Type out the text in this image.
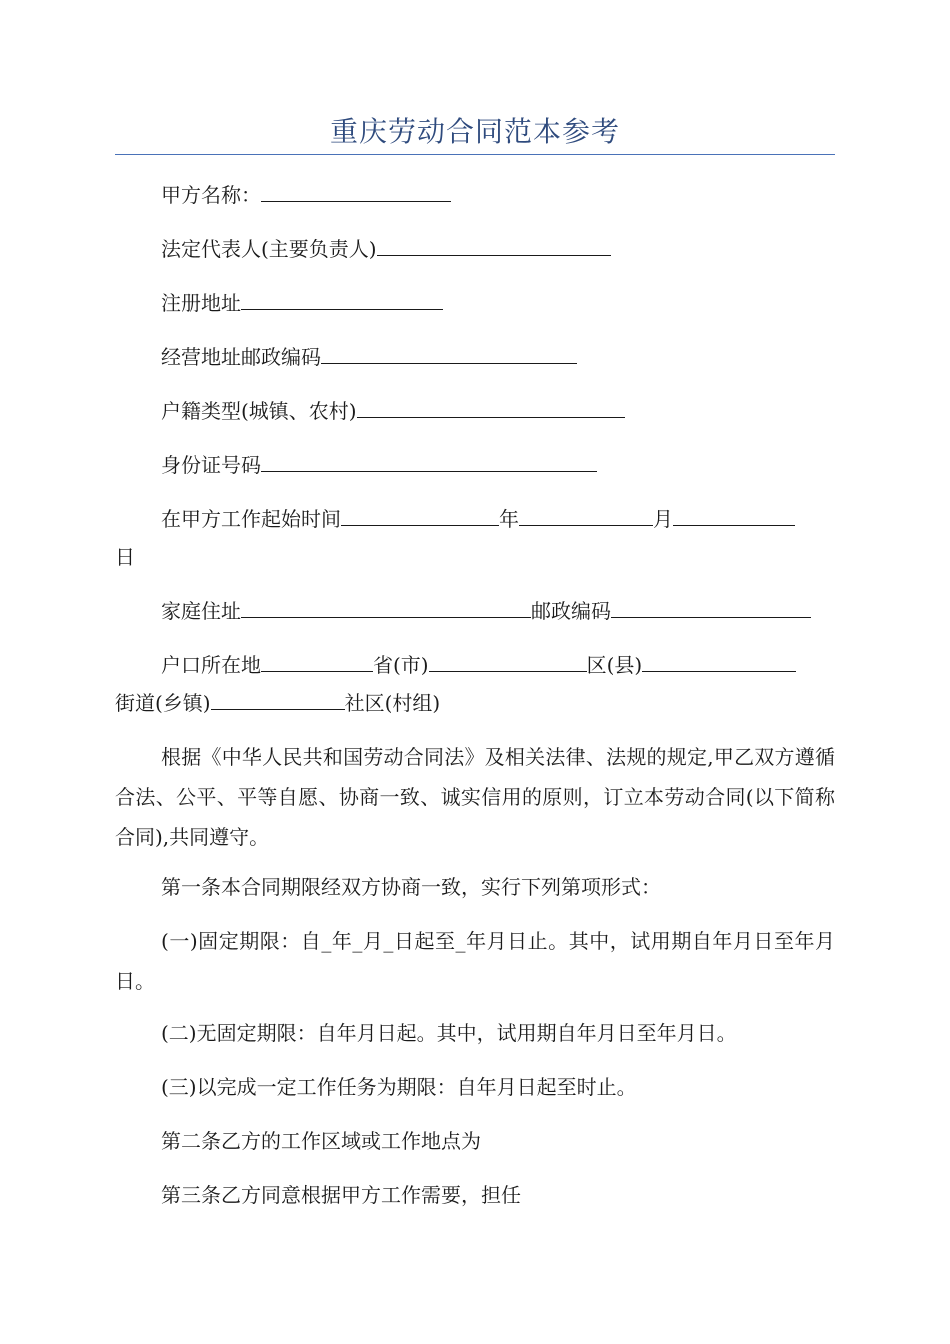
重庆劳动合同范本参考
甲方名称：
法定代表人(主要负责人)
注册地址
经营地址邮政编码
户籍类型(城镇、农村)
身份证号码
在甲方工作起始时间	年	月
日
家庭住址	邮政编码
户口所在地	省(市)	区(县)
街道(乡镇)	社区(村组)
根据《中华人民共和国劳动合同法》及相关法律、法规的规定,甲乙双方遵循合法、公平、平等自愿、协商一致、诚实信用的原则，订立本劳动合同(以下简称合同),共同遵守。
第一条本合同期限经双方协商一致，实行下列第项形式：
(一)固定期限：自_年_月_日起至_年月日止。其中，试用期自年月日至年月日。
(二)无固定期限：自年月日起。其中，试用期自年月日至年月日。
(三)以完成一定工作任务为期限：自年月日起至时止。
第二条乙方的工作区域或工作地点为
第三条乙方同意根据甲方工作需要，担任
